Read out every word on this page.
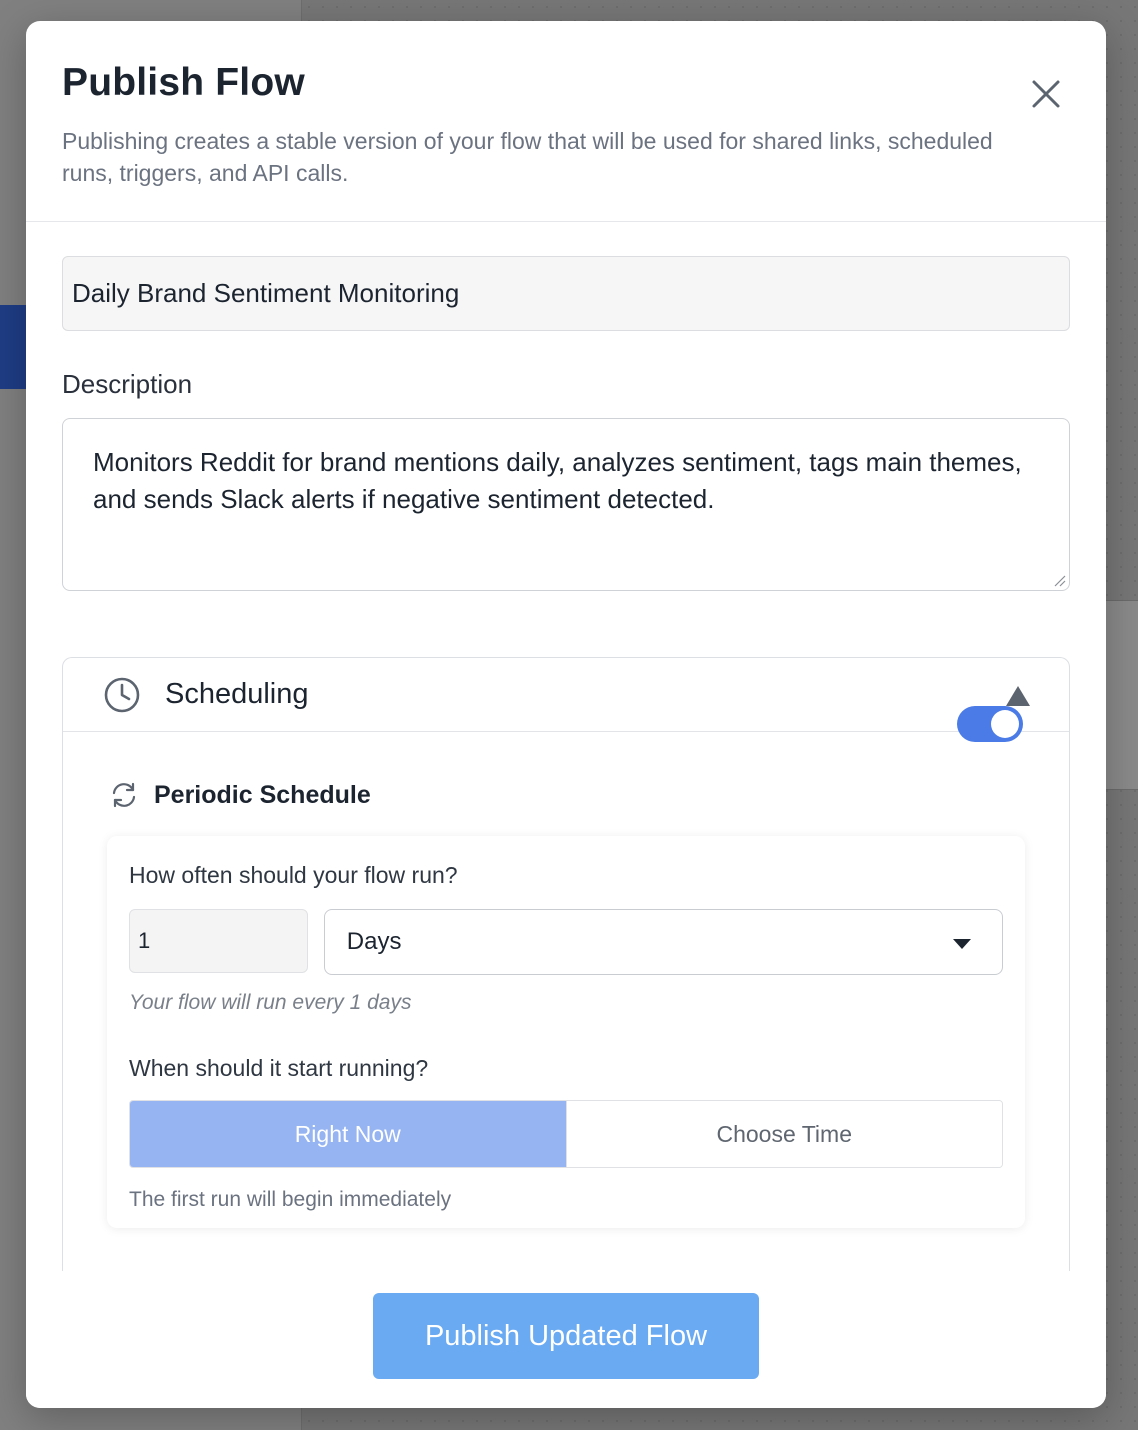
Publish Flow

Publishing creates a stable version of your flow that will be used for shared links, scheduled runs, triggers, and API calls.

Daily Brand Sentiment Monitoring
Description
Monitors Reddit for brand mentions daily, analyzes sentiment, tags main themes, and sends Slack alerts if negative sentiment detected.
Scheduling
Periodic Schedule
How often should your flow run?
1	Days
Your flow will run every 1 days
When should it start running?
Right Now	Choose Time
The first run will begin immediately
Publish Updated Flow
